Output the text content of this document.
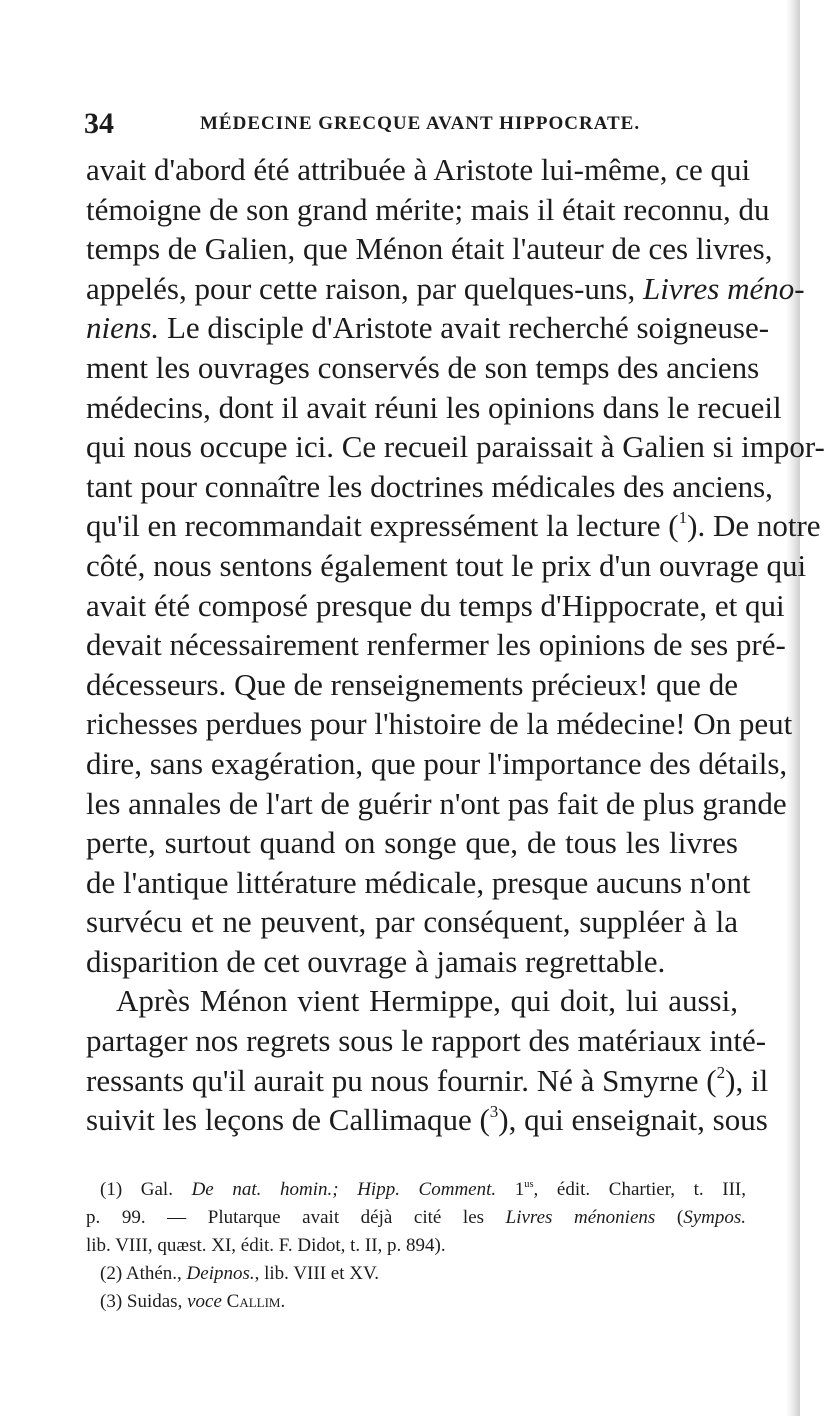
34	MÉDECINE GRECQUE AVANT HIPPOCRATE.
avait d'abord été attribuée à Aristote lui-même, ce qui
témoigne de son grand mérite; mais il était reconnu, du
temps de Galien, que Ménon était l'auteur de ces livres,
appelés, pour cette raison, par quelques-uns, Livres méno-
niens. Le disciple d'Aristote avait recherché soigneuse-
ment les ouvrages conservés de son temps des anciens
médecins, dont il avait réuni les opinions dans le recueil
qui nous occupe ici. Ce recueil paraissait à Galien si impor-
tant pour connaître les doctrines médicales des anciens,
qu'il en recommandait expressément la lecture ($^1$). De notre
côté, nous sentons également tout le prix d'un ouvrage qui
avait été composé presque du temps d'Hippocrate, et qui
devait nécessairement renfermer les opinions de ses pré-
décesseurs. Que de renseignements précieux! que de
richesses perdues pour l'histoire de la médecine! On peut
dire, sans exagération, que pour l'importance des détails,
les annales de l'art de guérir n'ont pas fait de plus grande
perte, surtout quand on songe que, de tous les livres
de l'antique littérature médicale, presque aucuns n'ont
survécu et ne peuvent, par conséquent, suppléer à la
disparition de cet ouvrage à jamais regrettable.
Après Ménon vient Hermippe, qui doit, lui aussi,
partager nos regrets sous le rapport des matériaux inté-
ressants qu'il aurait pu nous fournir. Né à Smyrne ($^2$), il
suivit les leçons de Callimaque ($^3$), qui enseignait, sous
(1) Gal. De nat. homin.; Hipp. Comment. $1^{us}$, édit. Chartier, t. III,
p. 99. — Plutarque avait déjà cité les Livres ménoniens (Sympos.
lib. VIII, quæst. XI, édit. F. Didot, t. II, p. 894).
(2) Athén., Deipnos., lib. VIII et XV.
(3) Suidas, voce Callim.
